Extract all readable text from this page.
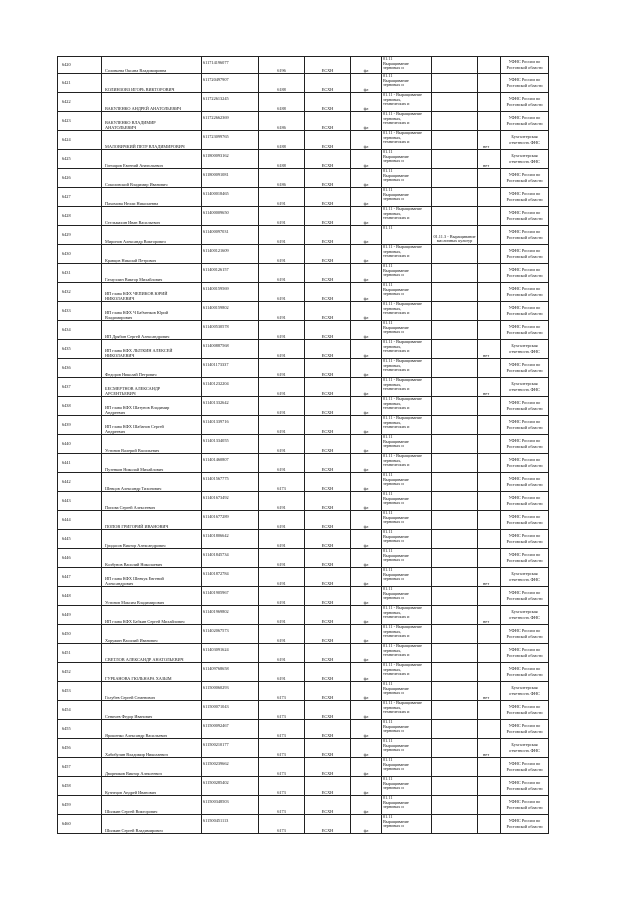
6420	Соловьева Оксана Владимировна	611714196077	6196	ЕСХН	фл	01.11
Выращивание
зерновых и			УФНС России по
Ростовской области

6421	КОЛИНЗОВЗ ИГОРЬ ВИКТОРОВИЧ	611720497907	6188	ЕСХН	фл	01.11
Выращивание
зерновых и			УФНС России по
Ростовской области

6422	ВАКУЛЕНКО АНДРЕЙ АНАТОЛЬЕВИЧ	611722613245	6188	ЕСХН	фл	01.11 - Выращивание
зерновых,
технических и			УФНС России по
Ростовской области

6423	ВАКУЛЕНКО ВЛАДИМИР
АНАТОЛЬЕВИЧ	611722662369	6186	ЕСХН	фл	01.11 - Выращивание
зерновых,
технических и			УФНС России по
Ростовской области

6424	МАЛОВИЧКИЙ ПЕТР ВЛАДИМИРОВИЧ	611723099765	6188	ЕСХН	фл	01.11 - Выращивание
зерновых,
технических и		нет	Бухгалтерская
отчетность ФНС

6425	Гончаров Евгений Анатольевич	611800093162	6188	ЕСХН	фл	01.11
Выращивание
зерновых и		нет	Бухгалтерская
отчетность ФНС

6426	Соколовский Владимир Иванович	611800091081	6186	ЕСХН	фл	01.11
Выращивание
зерновых и			УФНС России по
Ростовской области

6427	Пахомова Нелли Николаевна	611400018465	6191	ЕСХН	фл	01.11
Выращивание
зерновых и			УФНС России по
Ростовской области

6428	Стельмахин Иван Васильевич	611400009650	6191	ЕСХН	фл	01.11 - Выращивание
зерновых,
технических и			УФНС России по
Ростовской области

6429	Миронов Александр Викторович	611400097031	6191	ЕСХН	фл	01.11	01.11.3 - Выращивание
масличных культур		УФНС России по
Ростовской области

6430	Кравцов Николай Петрович	611400121609	6191	ЕСХН	фл	01.11 - Выращивание
зерновых,
технических и			УФНС России по
Ростовской области

6431	Гатауллин Виктор Михайлович	611400126157	6191	ЕСХН	фл	01.11
Выращивание
зерновых и			УФНС России по
Ростовской области

6432	ИП глава КФХ ЧЕПИКОВ ЮРИЙ
НИКОЛАЕВИЧ	611400159569	6191	ЕСХН	фл	01.11
Выращивание
зерновых и			УФНС России по
Ростовской области

6433	ИП глава КФХ Ч Бабченков Юрий
Владимирович	611400159802	6191	ЕСХН	фл	01.11 - Выращивание
зерновых,
технических и			УФНС России по
Ростовской области

6434	ИП Дрябин Сергей Александрович	611400530578	6191	ЕСХН	фл	01.11
Выращивание
зерновых и			УФНС России по
Ростовской области

6435	ИП глава КФХ ЛЫТКИН АЛЕКСЕЙ
НИКОЛАЕВИЧ	611400887568	6191	ЕСХН	фл	01.11 - Выращивание
зерновых,
технических и		нет	Бухгалтерская
отчетность ФНС

6436	Федоров Николай Петрович	611401173337	6191	ЕСХН	фл	01.11 - Выращивание
зерновых,
технических и			УФНС России по
Ростовской области

6437	БЕСМЕРТНОВ АЛЕКСАНДР
АРСЕНТЬЕВИЧ	611401232204	6191	ЕСХН	фл	01.11 - Выращивание
зерновых,
технических и		нет	Бухгалтерская
отчетность ФНС

6438	ИП глава КФХ Шатунов Владимир
Андреевич	611401332642	6191	ЕСХН	фл	01.11 - Выращивание
зерновых,
технических и			УФНС России по
Ростовской области

6439	ИП глава КФХ Шабанов Сергей
Андреевич	611401339716	6191	ЕСХН	фл	01.11 - Выращивание
зерновых,
технических и			УФНС России по
Ростовской области

6440	Устинов Валерий Васильевич	611401334055	6191	ЕСХН	фл	01.11
Выращивание
зерновых и			УФНС России по
Ростовской области

6441	Пузенков Николай Михайлович	611401460807	6191	ЕСХН	фл	01.11 - Выращивание
зерновых,
технических и			УФНС России по
Ростовской области

6442	Шевцов Александр Тихонович	611401567775	6173	ЕСХН	фл	01.11
Выращивание
зерновых и			УФНС России по
Ростовской области

6443	Попова Сергей Алексеевич	611401673492	6191	ЕСХН	фл	01.11
Выращивание
зерновых и			УФНС России по
Ростовской области

6444	ПОПОВ ГРИГОРИЙ ИВАНОВИЧ	611401677289	6191	ЕСХН	фл	01.11
Выращивание
зерновых и			УФНС России по
Ростовской области

6445	Гридасов Виктор Александрович	611401806642	6191	ЕСХН	фл	01.11
Выращивание
зерновых и			УФНС России по
Ростовской области

6446	Колбунов Василий Николаевич	611401845734	6191	ЕСХН	фл	01.11
Выращивание
зерновых и			УФНС России по
Ростовской области

6447	ИП глава КФХ Шевчук Евгений
Александрович	611401872784	6191	ЕСХН	фл	01.11
Выращивание
зерновых и		нет	Бухгалтерская
отчетность ФНС

6448	Устинов Максим Владимирович	611401905967	6191	ЕСХН	фл	01.11
Выращивание
зерновых и			УФНС России по
Ростовской области

6449	ИП глава КФХ Бабкин Сергей Михайлович	611401969802	6191	ЕСХН	фл	01.11 - Выращивание
зерновых,
технических и		нет	Бухгалтерская
отчетность ФНС

6450	Хоружин Василий Иванович	611402067573	6191	ЕСХН	фл	01.11 - Выращивание
зерновых,
технических и			УФНС России по
Ростовской области

6451	СВЕТЛОВ АЛЕКСАНДР АНАТОЛЬЕВИЧ	611403091624	6191	ЕСХН	фл	01.11 - Выращивание
зерновых,
технических и			УФНС России по
Ростовской области

6452	ГУРБАНОВА ГЮЛЬНАРА ХАЗЫМ	611409768658	6191	ЕСХН	фл	01.11 - Выращивание
зерновых,
технических и			УФНС России по
Ростовской области

6453	Голубев Сергей Семенович	611500060293	6173	ЕСХН	фл	01.11
Выращивание
зерновых и		нет	Бухгалтерская
отчетность ФНС

6454	Сеничев Федор Иванович	611500071043	6173	ЕСХН	фл	01.11 - Выращивание
зерновых,
технических и			УФНС России по
Ростовской области

6455	Ярошенко Александр Васильевич	611500092467	6173	ЕСХН	фл	01.11
Выращивание
зерновых и			УФНС России по
Ростовской области

6456	Хабибулин Владимир Николаевич	611500210177	6173	ЕСХН	фл	01.11
Выращивание
зерновых и		нет	Бухгалтерская
отчетность ФНС

6457	Дворников Виктор Алексеевич	611500239662	6173	ЕСХН	фл	01.11
Выращивание
зерновых и			УФНС России по
Ростовской области

6458	Кузнецов Андрей Иванович	611500285402	6173	ЕСХН	фл	01.11
Выращивание
зерновых и			УФНС России по
Ростовской области

6459	Шилкин Сергей Викторович	611500348503	6173	ЕСХН	фл	01.11
Выращивание
зерновых и			УФНС России по
Ростовской области

6460	Шилкин Сергей Владимирович	611500451113	6173	ЕСХН	фл	01.11
Выращивание
зерновых и			УФНС России по
Ростовской области
